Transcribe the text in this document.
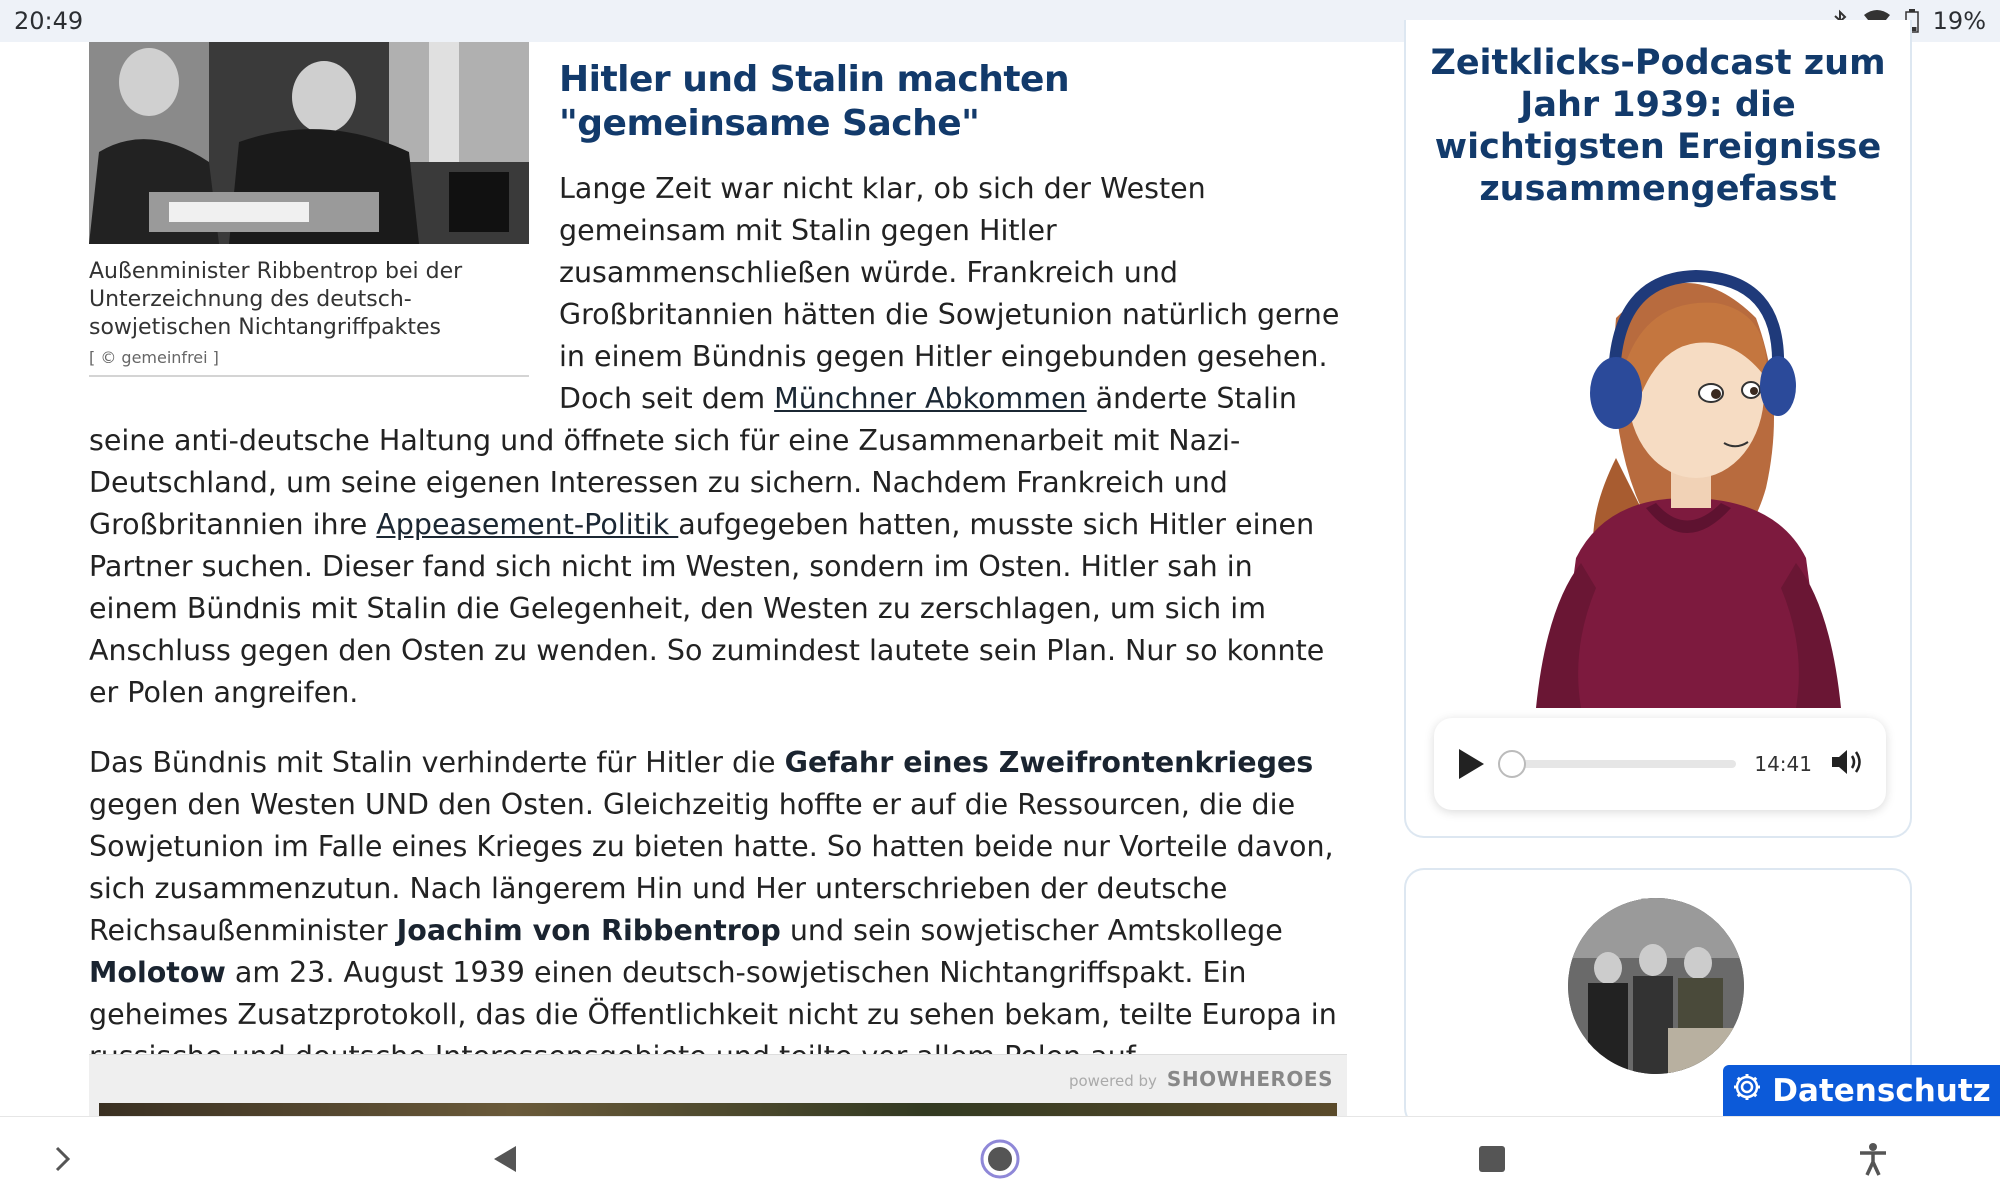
20:49	19%
Außenminister Ribbentrop bei der Unterzeichnung des deutsch-sowjetischen Nichtangriffpaktes
[ © gemeinfrei ]
Hitler und Stalin machten "gemeinsame Sache"

Lange Zeit war nicht klar, ob sich der Westen gemeinsam mit Stalin gegen Hitler zusammenschließen würde. Frankreich und Großbritannien hätten die Sowjetunion natürlich gerne in einem Bündnis gegen Hitler eingebunden gesehen. Doch seit dem Münchner Abkommen änderte Stalin seine anti-deutsche Haltung und öffnete sich für eine Zusammenarbeit mit Nazi-Deutschland, um seine eigenen Interessen zu sichern. Nachdem Frankreich und Großbritannien ihre Appeasement-Politik aufgegeben hatten, musste sich Hitler einen Partner suchen. Dieser fand sich nicht im Westen, sondern im Osten. Hitler sah in einem Bündnis mit Stalin die Gelegenheit, den Westen zu zerschlagen, um sich im Anschluss gegen den Osten zu wenden. So zumindest lautete sein Plan. Nur so konnte er Polen angreifen.

Das Bündnis mit Stalin verhinderte für Hitler die Gefahr eines Zweifrontenkrieges gegen den Westen UND den Osten. Gleichzeitig hoffte er auf die Ressourcen, die die Sowjetunion im Falle eines Krieges zu bieten hatte. So hatten beide nur Vorteile davon, sich zusammenzutun. Nach längerem Hin und Her unterschrieben der deutsche Reichsaußenminister Joachim von Ribbentrop und sein sowjetischer Amtskollege Molotow am 23. August 1939 einen deutsch-sowjetischen Nichtangriffspakt. Ein geheimes Zusatzprotokoll, das die Öffentlichkeit nicht zu sehen bekam, teilte Europa in

powered by SHOWHEROES
Zeitklicks-Podcast zum Jahr 1939: die wichtigsten Ereignisse zusammengefasst
14:41
Datenschutz
